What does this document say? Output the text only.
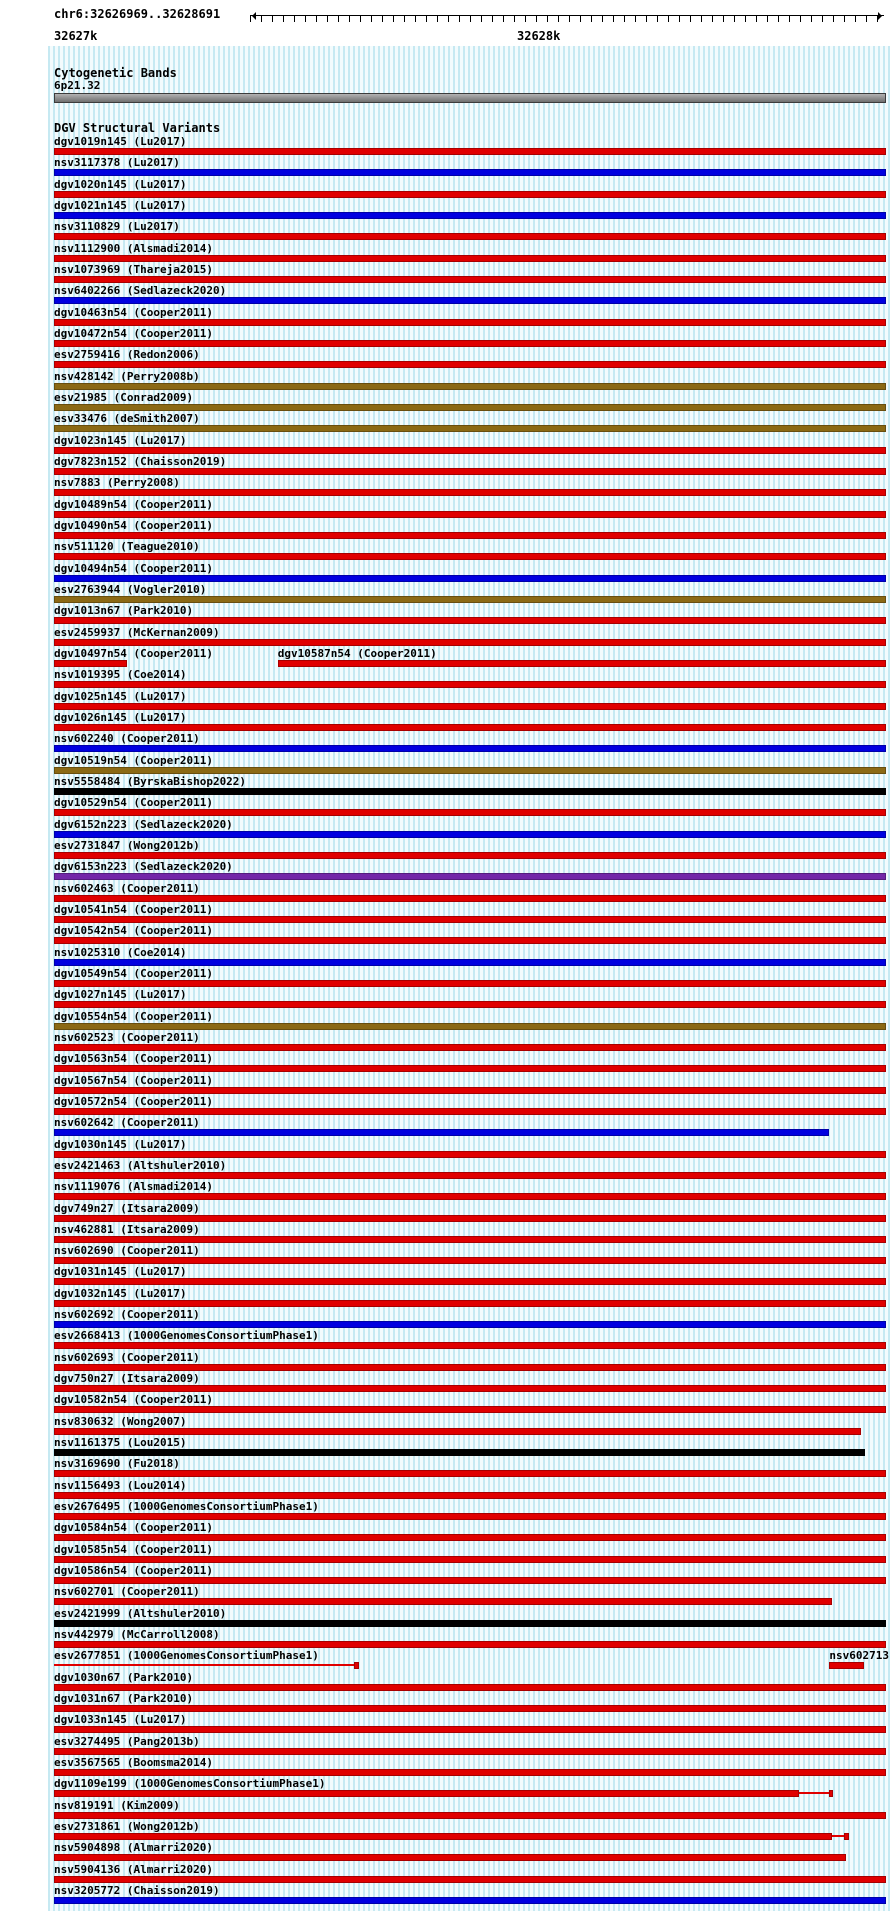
chr6:32626969..32628691
32627k	32628k
Cytogenetic Bands
6p21.32
DGV Structural Variants
dgv1019n145 (Lu2017)
nsv3117378 (Lu2017)
dgv1020n145 (Lu2017)
dgv1021n145 (Lu2017)
nsv3110829 (Lu2017)
nsv1112900 (Alsmadi2014)
nsv1073969 (Thareja2015)
nsv6402266 (Sedlazeck2020)
dgv10463n54 (Cooper2011)
dgv10472n54 (Cooper2011)
esv2759416 (Redon2006)
nsv428142 (Perry2008b)
esv21985 (Conrad2009)
esv33476 (deSmith2007)
dgv1023n145 (Lu2017)
dgv7823n152 (Chaisson2019)
nsv7883 (Perry2008)
dgv10489n54 (Cooper2011)
dgv10490n54 (Cooper2011)
nsv511120 (Teague2010)
dgv10494n54 (Cooper2011)
esv2763944 (Vogler2010)
dgv1013n67 (Park2010)
esv2459937 (McKernan2009)
dgv10497n54 (Cooper2011)	dgv10587n54 (Cooper2011)
nsv1019395 (Coe2014)
dgv1025n145 (Lu2017)
dgv1026n145 (Lu2017)
nsv602240 (Cooper2011)
dgv10519n54 (Cooper2011)
nsv5558484 (ByrskaBishop2022)
dgv10529n54 (Cooper2011)
dgv6152n223 (Sedlazeck2020)
esv2731847 (Wong2012b)
dgv6153n223 (Sedlazeck2020)
nsv602463 (Cooper2011)
dgv10541n54 (Cooper2011)
dgv10542n54 (Cooper2011)
nsv1025310 (Coe2014)
dgv10549n54 (Cooper2011)
dgv1027n145 (Lu2017)
dgv10554n54 (Cooper2011)
nsv602523 (Cooper2011)
dgv10563n54 (Cooper2011)
dgv10567n54 (Cooper2011)
dgv10572n54 (Cooper2011)
nsv602642 (Cooper2011)
dgv1030n145 (Lu2017)
esv2421463 (Altshuler2010)
nsv1119076 (Alsmadi2014)
dgv749n27 (Itsara2009)
nsv462881 (Itsara2009)
nsv602690 (Cooper2011)
dgv1031n145 (Lu2017)
dgv1032n145 (Lu2017)
nsv602692 (Cooper2011)
esv2668413 (1000GenomesConsortiumPhase1)
nsv602693 (Cooper2011)
dgv750n27 (Itsara2009)
dgv10582n54 (Cooper2011)
nsv830632 (Wong2007)
nsv1161375 (Lou2015)
nsv3169690 (Fu2018)
nsv1156493 (Lou2014)
esv2676495 (1000GenomesConsortiumPhase1)
dgv10584n54 (Cooper2011)
dgv10585n54 (Cooper2011)
dgv10586n54 (Cooper2011)
nsv602701 (Cooper2011)
esv2421999 (Altshuler2010)
nsv442979 (McCarroll2008)
esv2677851 (1000GenomesConsortiumPhase1)	nsv602713
dgv1030n67 (Park2010)
dgv1031n67 (Park2010)
dgv1033n145 (Lu2017)
esv3274495 (Pang2013b)
esv3567565 (Boomsma2014)
dgv1109e199 (1000GenomesConsortiumPhase1)
nsv819191 (Kim2009)
esv2731861 (Wong2012b)
nsv5904898 (Almarri2020)
nsv5904136 (Almarri2020)
nsv3205772 (Chaisson2019)
